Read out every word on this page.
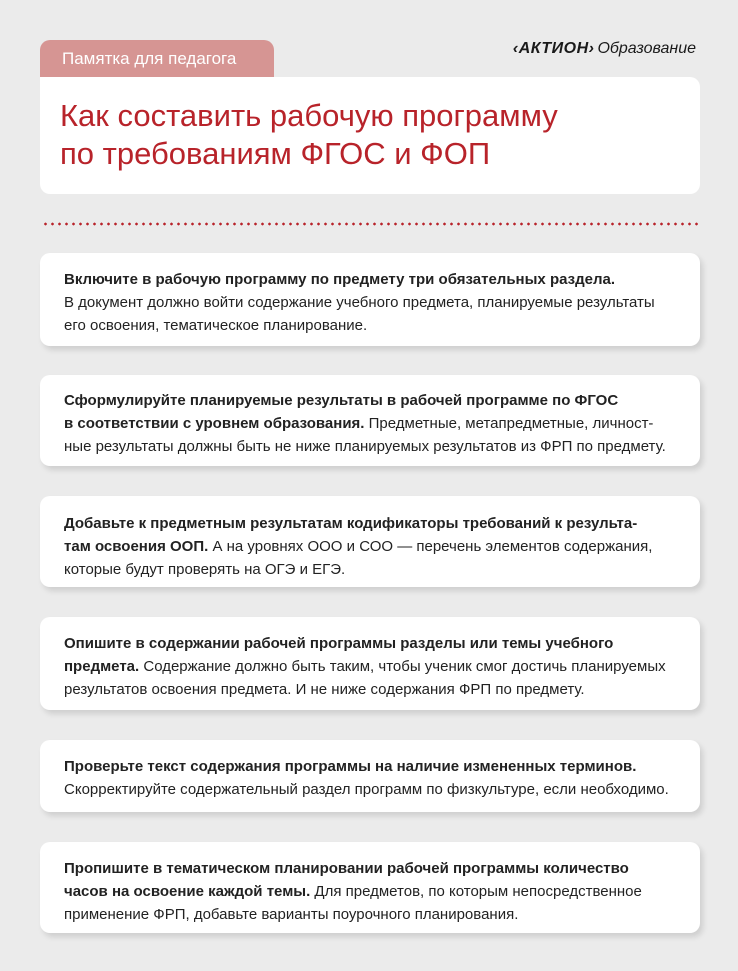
Памятка для педагога
‹АКТИОН› Образование
Как составить рабочую программу
по требованиям ФГОС и ФОП
Включите в рабочую программу по предмету три обязательных раздела.
В документ должно войти содержание учебного предмета, планируемые результаты
его освоения, тематическое планирование.
Сформулируйте планируемые результаты в рабочей программе по ФГОС
в соответствии с уровнем образования. Предметные, метапредметные, личност-
ные результаты должны быть не ниже планируемых результатов из ФРП по предмету.
Добавьте к предметным результатам кодификаторы требований к результа-
там освоения ООП. А на уровнях ООО и СОО — перечень элементов содержания,
которые будут проверять на ОГЭ и ЕГЭ.
Опишите в содержании рабочей программы разделы или темы учебного
предмета. Содержание должно быть таким, чтобы ученик смог достичь планируемых
результатов освоения предмета. И не ниже содержания ФРП по предмету.
Проверьте текст содержания программы на наличие измененных терминов.
Скорректируйте содержательный раздел программ по физкультуре, если необходимо.
Пропишите в тематическом планировании рабочей программы количество
часов на освоение каждой темы. Для предметов, по которым непосредственное
применение ФРП, добавьте варианты поурочного планирования.
